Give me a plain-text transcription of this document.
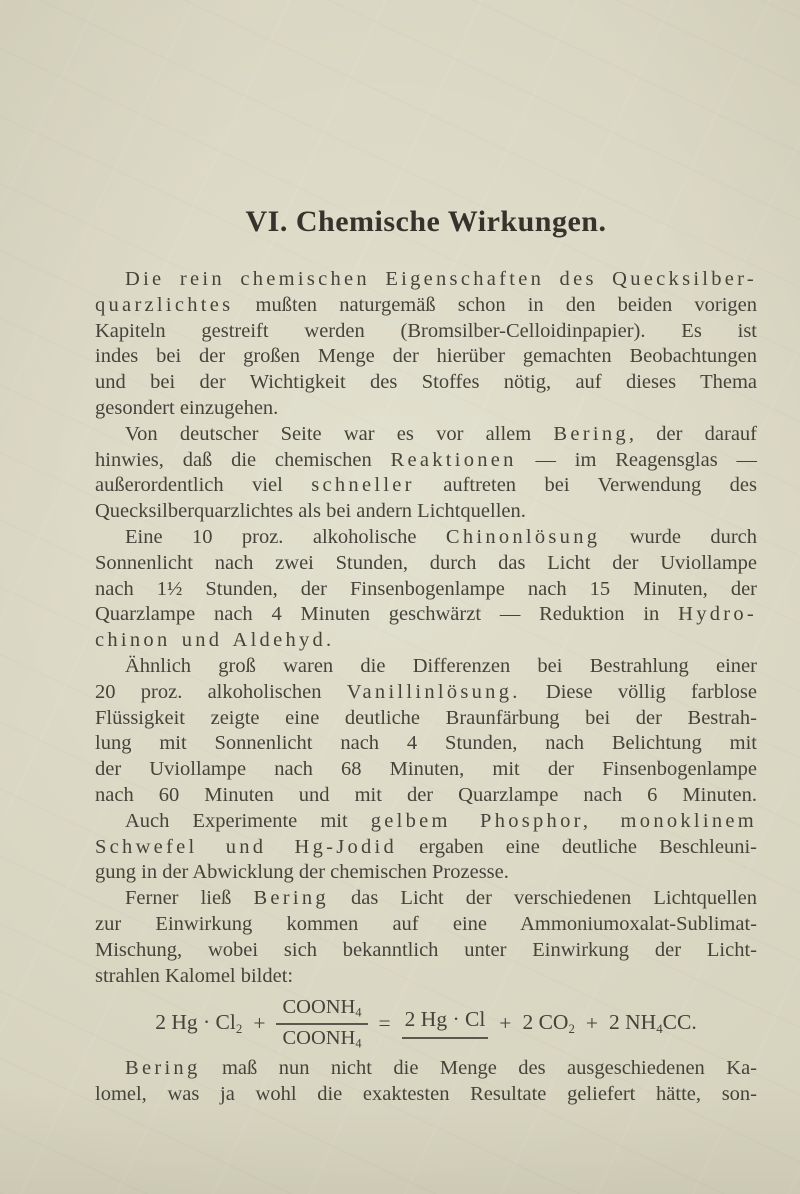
VI. Chemische Wirkungen.
Die rein chemischen Eigenschaften des Quecksilber-
quarzlichtes mußten naturgemäß schon in den beiden vorigen
Kapiteln gestreift werden (Bromsilber-Celloidinpapier). Es ist
indes bei der großen Menge der hierüber gemachten Beobachtungen
und bei der Wichtigkeit des Stoffes nötig, auf dieses Thema
gesondert einzugehen.
Von deutscher Seite war es vor allem Bering, der darauf
hinwies, daß die chemischen Reaktionen — im Reagensglas —
außerordentlich viel schneller auftreten bei Verwendung des
Quecksilberquarzlichtes als bei andern Lichtquellen.
Eine 10 proz. alkoholische Chinonlösung wurde durch
Sonnenlicht nach zwei Stunden, durch das Licht der Uviollampe
nach 1½ Stunden, der Finsenbogenlampe nach 15 Minuten, der
Quarzlampe nach 4 Minuten geschwärzt — Reduktion in Hydro-
chinon und Aldehyd.
Ähnlich groß waren die Differenzen bei Bestrahlung einer
20 proz. alkoholischen Vanillinlösung. Diese völlig farblose
Flüssigkeit zeigte eine deutliche Braunfärbung bei der Bestrah-
lung mit Sonnenlicht nach 4 Stunden, nach Belichtung mit
der Uviollampe nach 68 Minuten, mit der Finsenbogenlampe
nach 60 Minuten und mit der Quarzlampe nach 6 Minuten.
Auch Experimente mit gelbem Phosphor, monoklinem
Schwefel und Hg-Jodid ergaben eine deutliche Beschleuni-
gung in der Abwicklung der chemischen Prozesse.
Ferner ließ Bering das Licht der verschiedenen Lichtquellen
zur Einwirkung kommen auf eine Ammoniumoxalat-Sublimat-
Mischung, wobei sich bekanntlich unter Einwirkung der Licht-
strahlen Kalomel bildet:
2 $Hg \cdot Cl_2 + \frac{COONH_4}{COONH_4} = 2$ Hg · Cl + 2 $CO_2 + 2$ $NH_4CC$.
Bering maß nun nicht die Menge des ausgeschiedenen Ka-
lomel, was ja wohl die exaktesten Resultate geliefert hätte, son-
